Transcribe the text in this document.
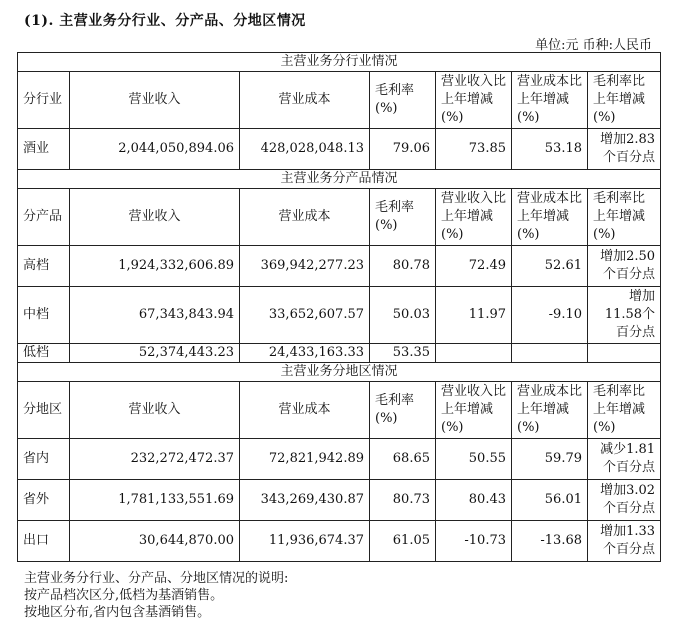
(1). 主营业务分行业、分产品、分地区情况
单位:元 币种:人民币
主营业务分行业情况						
分行业	营业收入	营业成本	毛利率(%)	营业收入比上年增减(%)	营业成本比上年增减(%)	毛利率比上年增减(%)
酒业	2,044,050,894.06	428,028,048.13	79.06	73.85	53.18	增加2.83个百分点
主营业务分产品情况						
分产品	营业收入	营业成本	毛利率(%)	营业收入比上年增减(%)	营业成本比上年增减(%)	毛利率比上年增减(%)
高档	1,924,332,606.89	369,942,277.23	80.78	72.49	52.61	增加2.50个百分点
中档	67,343,843.94	33,652,607.57	50.03	11.97	-9.10	增加11.58个百分点
低档	52,374,443.23	24,433,163.33	53.35			
主营业务分地区情况						
分地区	营业收入	营业成本	毛利率(%)	营业收入比上年增减(%)	营业成本比上年增减(%)	毛利率比上年增减(%)
省内	232,272,472.37	72,821,942.89	68.65	50.55	59.79	减少1.81个百分点
省外	1,781,133,551.69	343,269,430.87	80.73	80.43	56.01	增加3.02个百分点
出口	30,644,870.00	11,936,674.37	61.05	-10.73	-13.68	增加1.33个百分点
主营业务分行业、分产品、分地区情况的说明:
按产品档次区分,低档为基酒销售。
按地区分布,省内包含基酒销售。
